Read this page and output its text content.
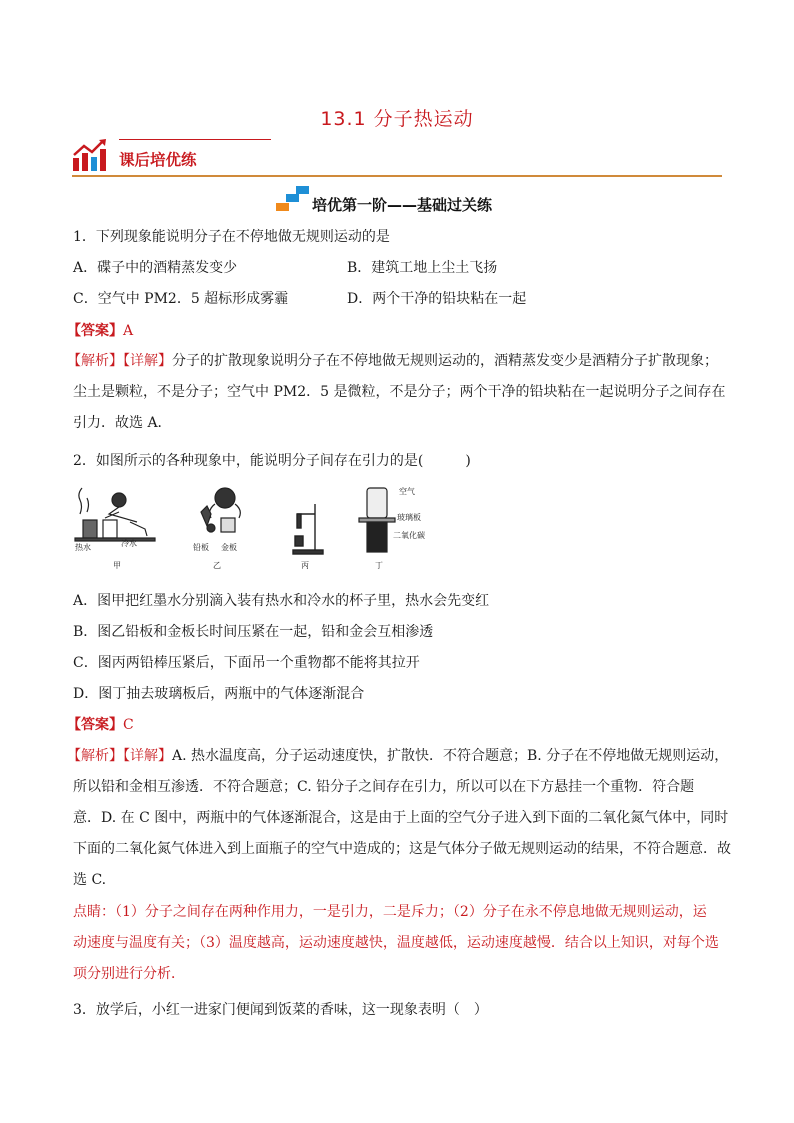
13.1 分子热运动
课后培优练
培优第一阶——基础过关练
1．下列现象能说明分子在不停地做无规则运动的是
A．碟子中的酒精蒸发变少	B．建筑工地上尘土飞扬
C．空气中 PM2．5 超标形成雾霾	D．两个干净的铅块粘在一起
【答案】A
【解析】【详解】分子的扩散现象说明分子在不停地做无规则运动的，酒精蒸发变少是酒精分子扩散现象；
尘土是颗粒，不是分子；空气中 PM2．5 是微粒，不是分子；两个干净的铅块粘在一起说明分子之间存在
引力．故选 A．
2．如图所示的各种现象中，能说明分子间存在引力的是(　　　)
热水	冷水
甲
铅板 金板
乙	丙
空气
玻璃板
二氧化碳
丁
A．图甲把红墨水分别滴入装有热水和冷水的杯子里，热水会先变红
B．图乙铅板和金板长时间压紧在一起，铅和金会互相渗透
C．图丙两铅棒压紧后，下面吊一个重物都不能将其拉开
D．图丁抽去玻璃板后，两瓶中的气体逐渐混合
【答案】C
【解析】【详解】A. 热水温度高，分子运动速度快，扩散快．不符合题意；B. 分子在不停地做无规则运动，
所以铅和金相互渗透．不符合题意；C. 铅分子之间存在引力，所以可以在下方悬挂一个重物．符合题
意．D. 在 C 图中，两瓶中的气体逐渐混合，这是由于上面的空气分子进入到下面的二氧化氮气体中，同时
下面的二氧化氮气体进入到上面瓶子的空气中造成的；这是气体分子做无规则运动的结果，不符合题意．故
选 C.
点睛：（1）分子之间存在两种作用力，一是引力，二是斥力；（2）分子在永不停息地做无规则运动，运
动速度与温度有关；（3）温度越高，运动速度越快，温度越低，运动速度越慢．结合以上知识，对每个选
项分别进行分析．
3．放学后，小红一进家门便闻到饭菜的香味，这一现象表明（　）
